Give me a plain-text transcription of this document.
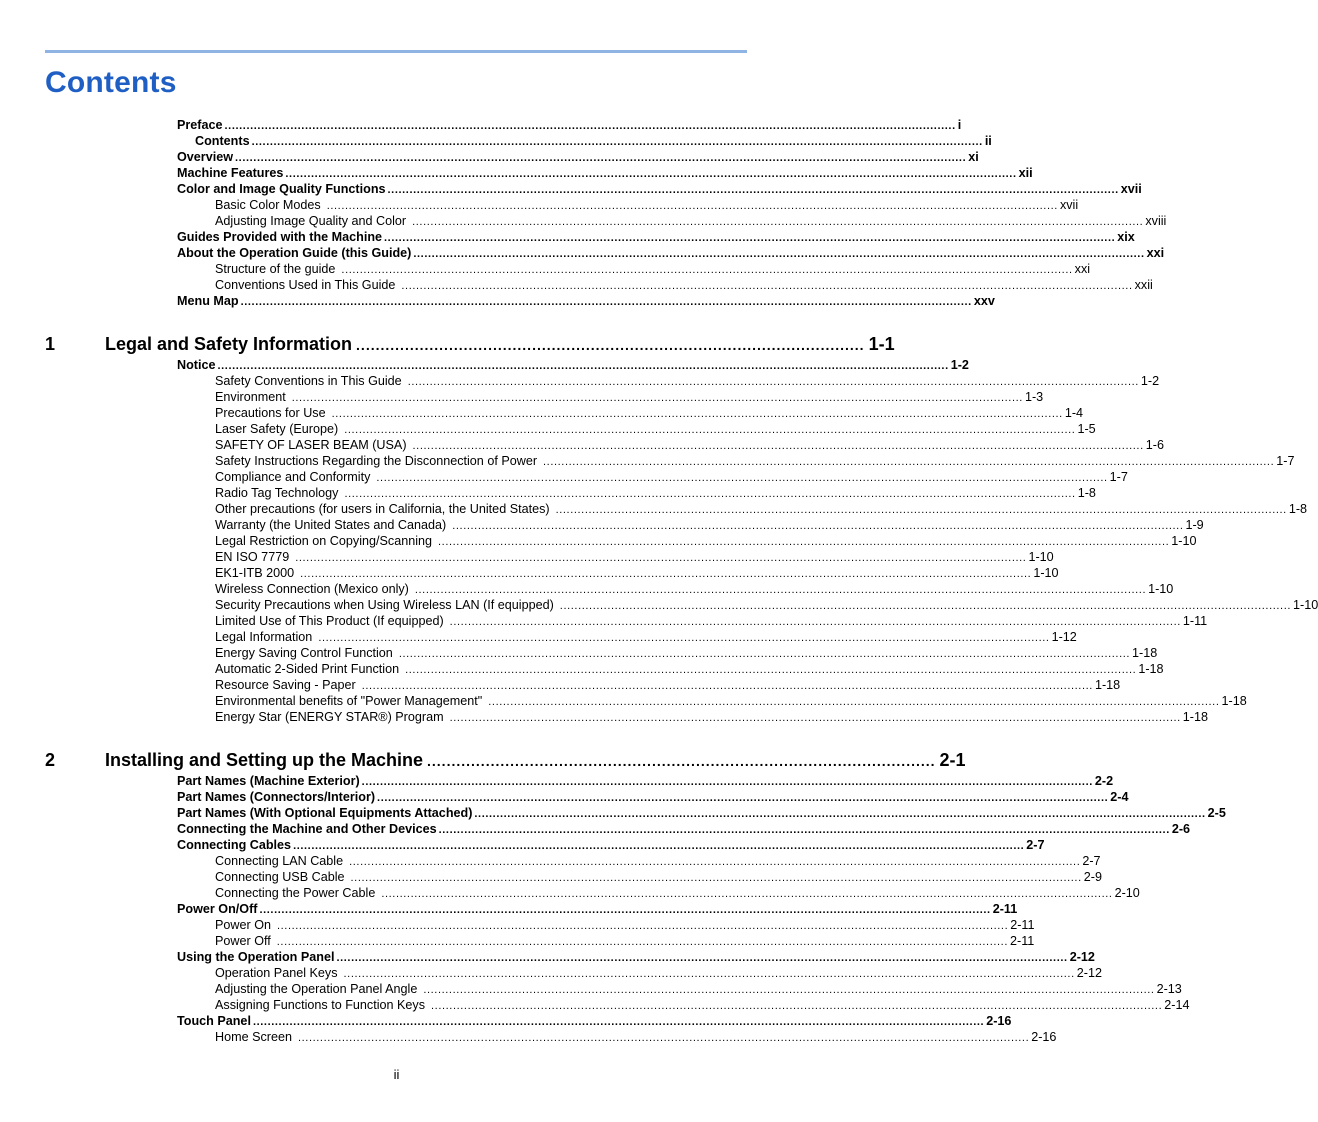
Contents
Preface ........................................................................................................................................................................................................ i
Contents ........................................................................................................................................................................................................ ii
Overview ........................................................................................................................................................................................................ xi
Machine Features ........................................................................................................................................................................................................ xii
Color and Image Quality Functions ........................................................................................................................................................................................................ xvii
Basic Color Modes ........................................................................................................................................................................................................ xvii
Adjusting Image Quality and Color ........................................................................................................................................................................................................ xviii
Guides Provided with the Machine ........................................................................................................................................................................................................ xix
About the Operation Guide (this Guide) ........................................................................................................................................................................................................ xxi
Structure of the guide ........................................................................................................................................................................................................ xxi
Conventions Used in This Guide ........................................................................................................................................................................................................ xxii
Menu Map ........................................................................................................................................................................................................ xxv
1	Legal and Safety Information ........................................................................................................ 1-1
Notice ........................................................................................................................................................................................................ 1-2
Safety Conventions in This Guide ........................................................................................................................................................................................................ 1-2
Environment ........................................................................................................................................................................................................ 1-3
Precautions for Use ........................................................................................................................................................................................................ 1-4
Laser Safety (Europe) ........................................................................................................................................................................................................ 1-5
SAFETY OF LASER BEAM (USA) ........................................................................................................................................................................................................ 1-6
Safety Instructions Regarding the Disconnection of Power ........................................................................................................................................................................................................ 1-7
Compliance and Conformity ........................................................................................................................................................................................................ 1-7
Radio Tag Technology ........................................................................................................................................................................................................ 1-8
Other precautions (for users in California, the United States) ........................................................................................................................................................................................................ 1-8
Warranty (the United States and Canada) ........................................................................................................................................................................................................ 1-9
Legal Restriction on Copying/Scanning ........................................................................................................................................................................................................ 1-10
EN ISO 7779 ........................................................................................................................................................................................................ 1-10
EK1-ITB 2000 ........................................................................................................................................................................................................ 1-10
Wireless Connection (Mexico only) ........................................................................................................................................................................................................ 1-10
Security Precautions when Using Wireless LAN (If equipped) ........................................................................................................................................................................................................ 1-10
Limited Use of This Product (If equipped) ........................................................................................................................................................................................................ 1-11
Legal Information ........................................................................................................................................................................................................ 1-12
Energy Saving Control Function ........................................................................................................................................................................................................ 1-18
Automatic 2-Sided Print Function ........................................................................................................................................................................................................ 1-18
Resource Saving - Paper ........................................................................................................................................................................................................ 1-18
Environmental benefits of "Power Management" ........................................................................................................................................................................................................ 1-18
Energy Star (ENERGY STAR®) Program ........................................................................................................................................................................................................ 1-18
2	Installing and Setting up the Machine ........................................................................................................ 2-1
Part Names (Machine Exterior) ........................................................................................................................................................................................................ 2-2
Part Names (Connectors/Interior) ........................................................................................................................................................................................................ 2-4
Part Names (With Optional Equipments Attached) ........................................................................................................................................................................................................ 2-5
Connecting the Machine and Other Devices ........................................................................................................................................................................................................ 2-6
Connecting Cables ........................................................................................................................................................................................................ 2-7
Connecting LAN Cable ........................................................................................................................................................................................................ 2-7
Connecting USB Cable ........................................................................................................................................................................................................ 2-9
Connecting the Power Cable ........................................................................................................................................................................................................ 2-10
Power On/Off ........................................................................................................................................................................................................ 2-11
Power On ........................................................................................................................................................................................................ 2-11
Power Off ........................................................................................................................................................................................................ 2-11
Using the Operation Panel ........................................................................................................................................................................................................ 2-12
Operation Panel Keys ........................................................................................................................................................................................................ 2-12
Adjusting the Operation Panel Angle ........................................................................................................................................................................................................ 2-13
Assigning Functions to Function Keys ........................................................................................................................................................................................................ 2-14
Touch Panel ........................................................................................................................................................................................................ 2-16
Home Screen ........................................................................................................................................................................................................ 2-16
ii
